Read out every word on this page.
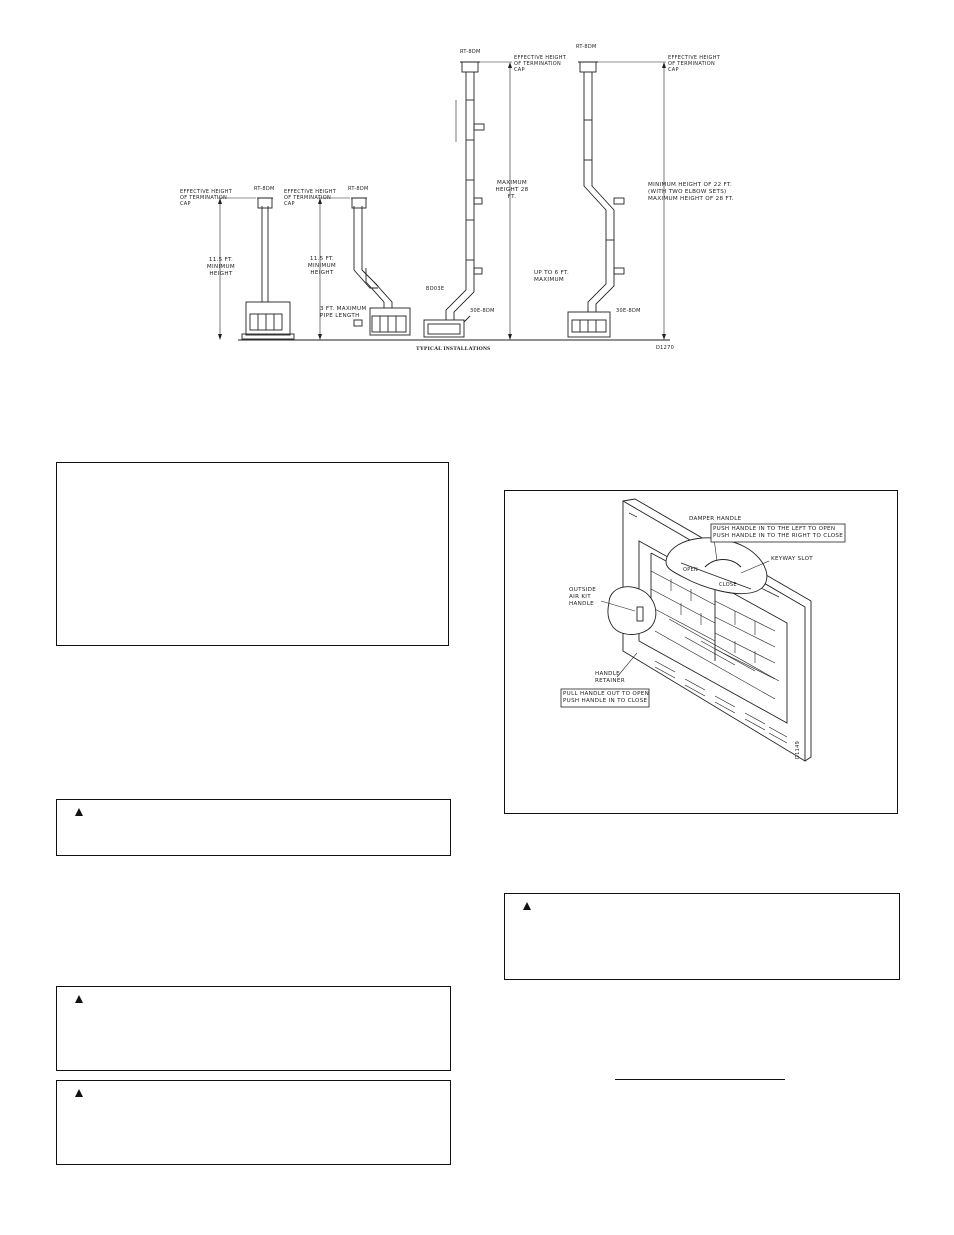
EFFECTIVE HEIGHT OF TERMINATION CAP
RT-8DM
11.5 FT. MINIMUM HEIGHT
EFFECTIVE HEIGHT OF TERMINATION CAP
RT-8DM
11.5 FT. MINIMUM HEIGHT
3 FT. MAXIMUM PIPE LENGTH
RT-8DM
EFFECTIVE HEIGHT OF TERMINATION CAP
MAXIMUM HEIGHT 28 FT.
BD03E
30E-8DM
RT-8DM
EFFECTIVE HEIGHT OF TERMINATION CAP
MINIMUM HEIGHT OF 22 FT. (WITH TWO ELBOW SETS) MAXIMUM HEIGHT OF 28 FT.
UP TO 6 FT. MAXIMUM
30E-8DM
TYPICAL INSTALLATIONS	D1270
DAMPER HANDLE
PUSH HANDLE IN TO THE LEFT TO OPEN
PUSH HANDLE IN TO THE RIGHT TO CLOSE
KEYWAY SLOT
OPEN
CLOSE
OUTSIDE AIR KIT HANDLE
HANDLE RETAINER
PULL HANDLE OUT TO OPEN
PUSH HANDLE IN TO CLOSE
D1149
